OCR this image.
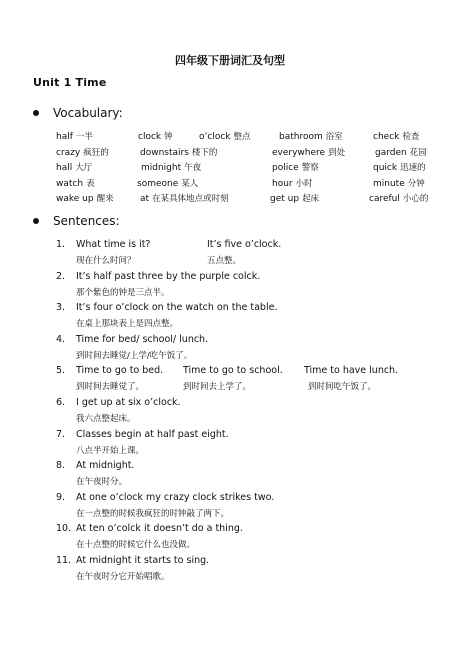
四年级下册词汇及句型
Unit 1 Time
Vocabulary:
half 一半	clock 钟	o’clock 整点	bathroom 浴室	check 检查
crazy 疯狂的	downstairs 楼下的	everywhere 到处	garden 花园
hall 大厅	midnight 午夜	police 警察	quick 迅速的
watch 表	someone 某人	hour 小时	minute 分钟
wake up 醒来	at 在某具体地点或时刻	get up 起床	careful 小心的
Sentences:
1. What time is it?	It’s five o’clock.
现在什么时间？	五点整。
2. It’s half past three by the purple colck.
那个紫色的钟是三点半。
3. It’s four o’clock on the watch on the table.
在桌上那块表上是四点整。
4. Time for bed/ school/ lunch.
到时间去睡觉/上学/吃午饭了。
5. Time to go to bed. Time to go to school. Time to have lunch.
到时间去睡觉了。	到时间去上学了。	到时间吃午饭了。
6. I get up at six o’clock.
我六点整起床。
7. Classes begin at half past eight.
八点半开始上课。
8. At midnight.
在午夜时分。
9. At one o’clock my crazy clock strikes two.
在一点整的时候我疯狂的时钟敲了两下。
10. At ten o’colck it doesn’t do a thing.
在十点整的时候它什么也没做。
11. At midnight it starts to sing.
在午夜时分它开始唱歌。
